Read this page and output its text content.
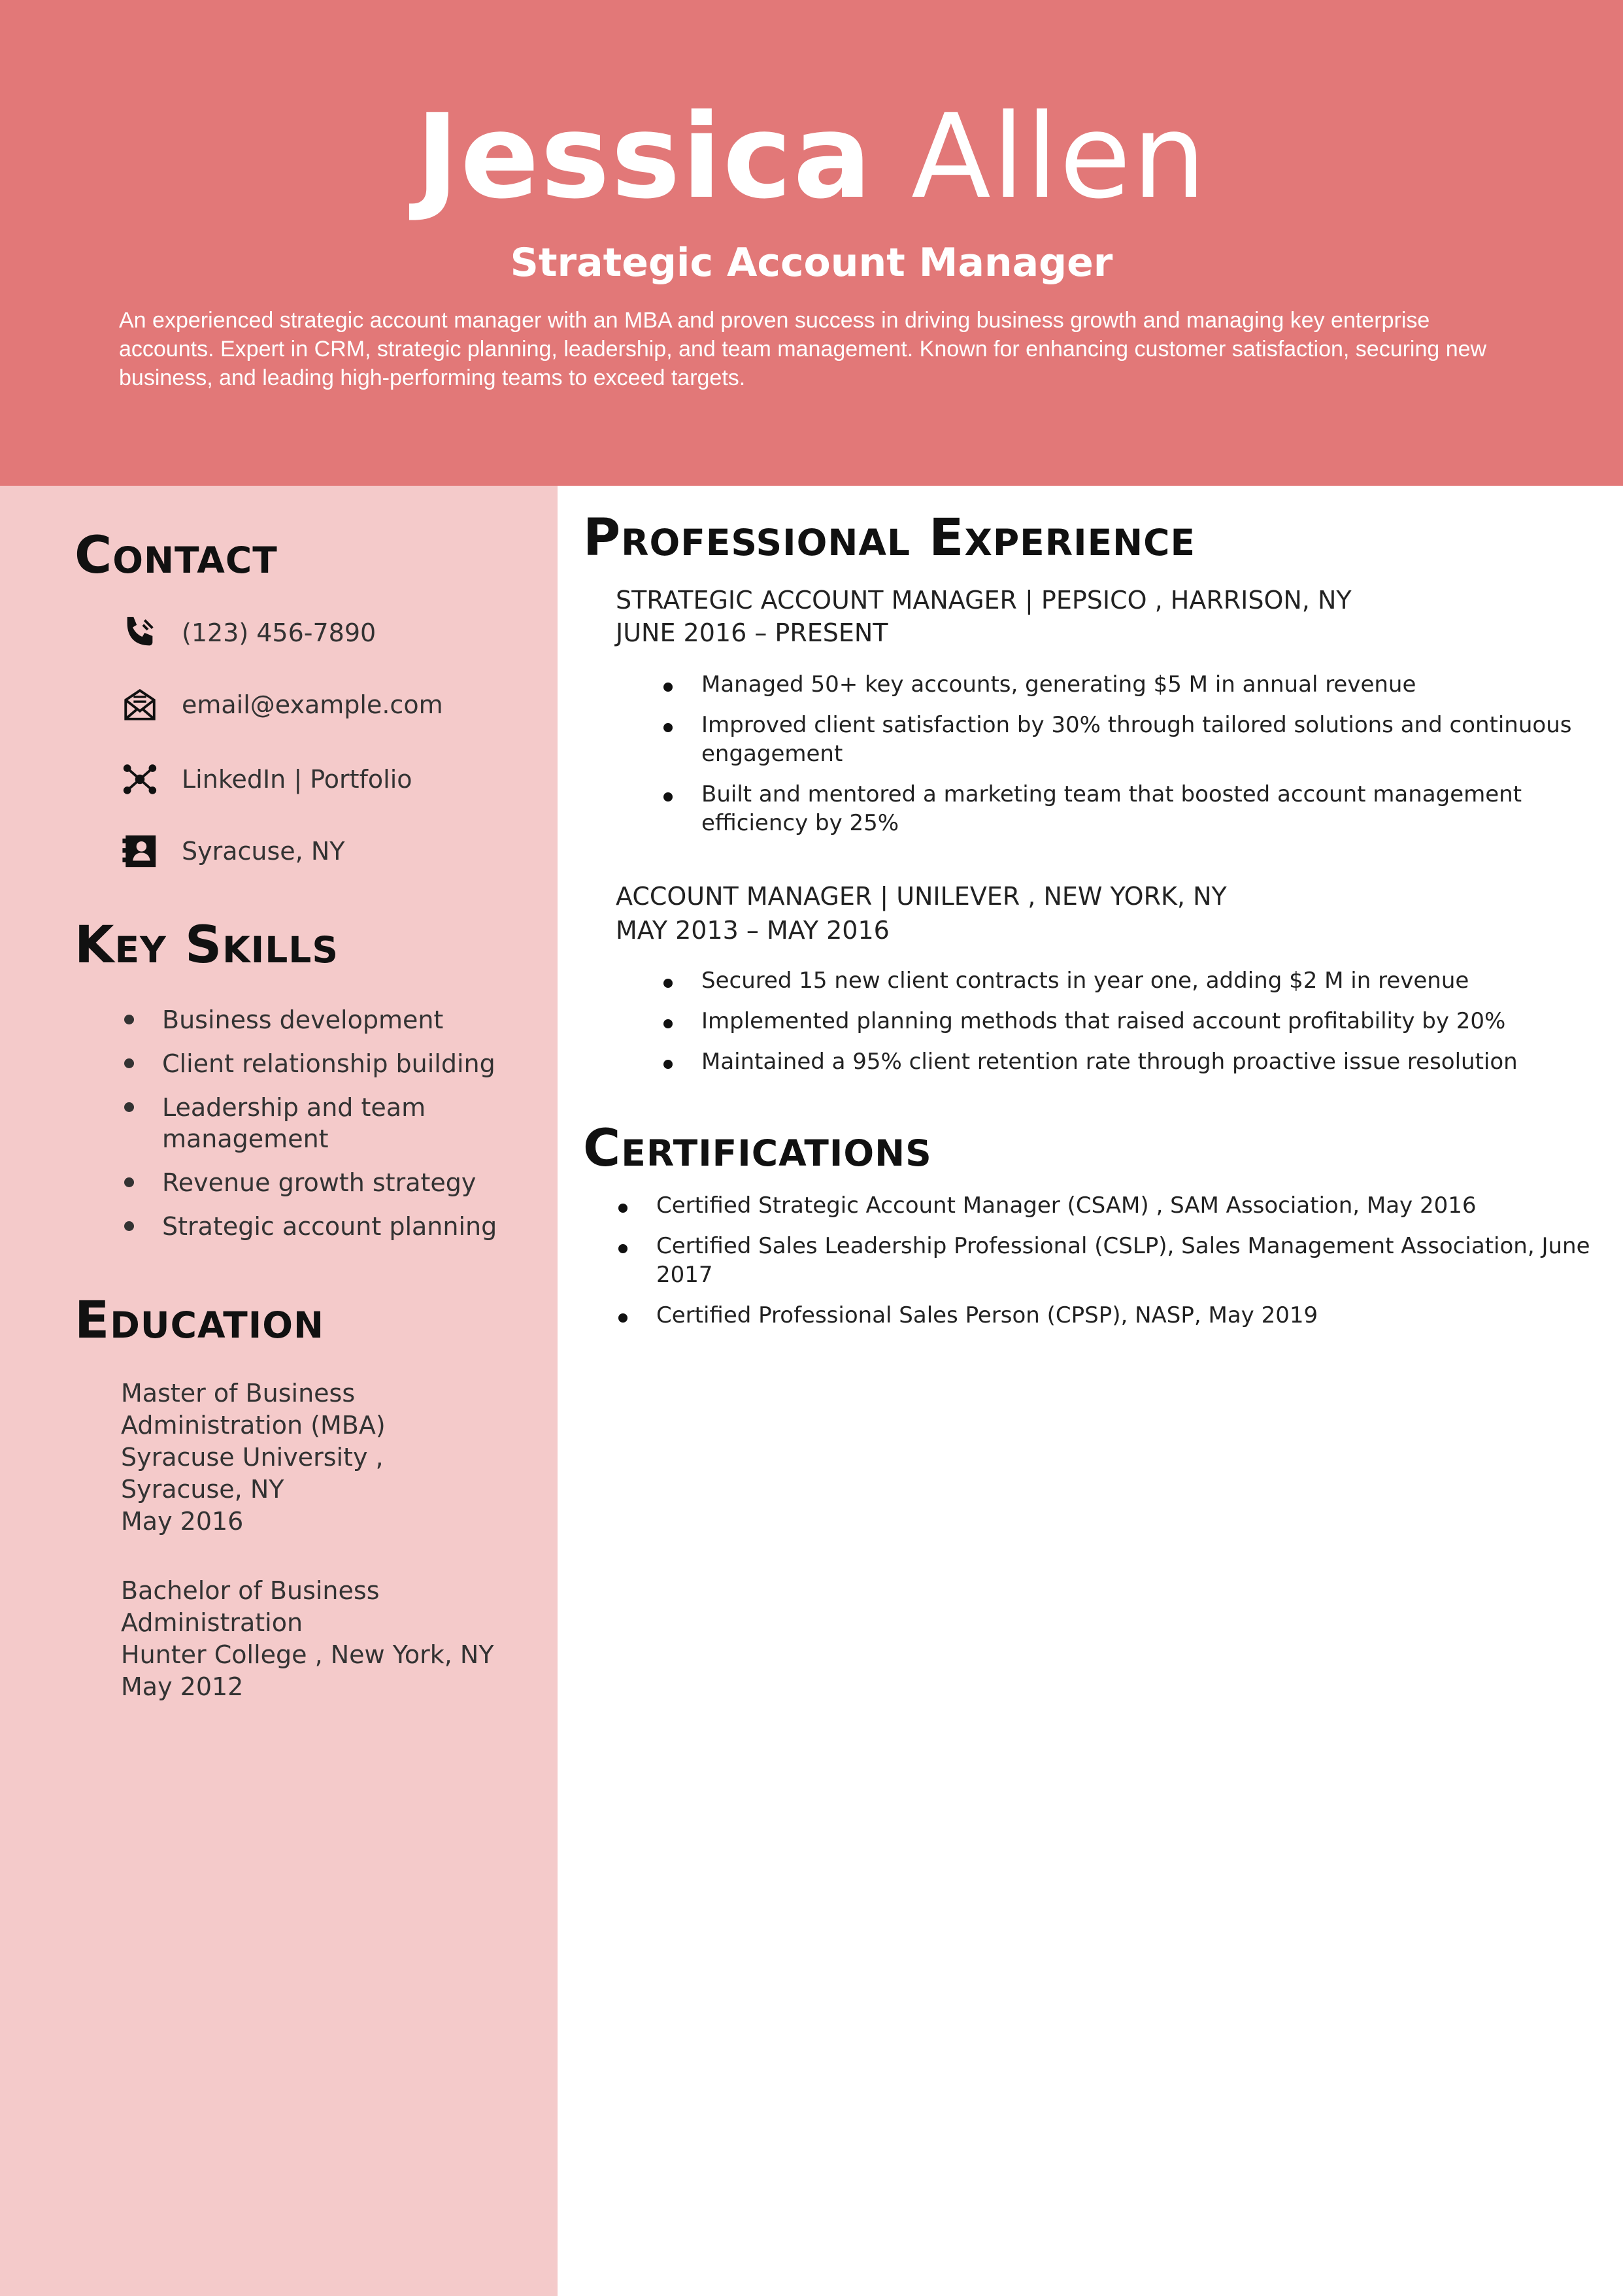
Jessica Allen
Strategic Account Manager
An experienced strategic account manager with an MBA and proven success in driving business growth and managing key enterprise accounts. Expert in CRM, strategic planning, leadership, and team management. Known for enhancing customer satisfaction, securing new business, and leading high-performing teams to exceed targets.
Contact
(123) 456-7890
email@example.com
LinkedIn | Portfolio
Syracuse, NY
Key Skills
Business development
Client relationship building
Leadership and team management
Revenue growth strategy
Strategic account planning
Education
Master of Business Administration (MBA)
Syracuse University , Syracuse, NY
May 2016
Bachelor of Business Administration
Hunter College , New York, NY
May 2012
Professional Experience
STRATEGIC ACCOUNT MANAGER | PEPSICO , HARRISON, NY
JUNE 2016 – PRESENT
Managed 50+ key accounts, generating $5 M in annual revenue
Improved client satisfaction by 30% through tailored solutions and continuous engagement
Built and mentored a marketing team that boosted account management efficiency by 25%
ACCOUNT MANAGER | UNILEVER , NEW YORK, NY
MAY 2013 – MAY 2016
Secured 15 new client contracts in year one, adding $2 M in revenue
Implemented planning methods that raised account profitability by 20%
Maintained a 95% client retention rate through proactive issue resolution
Certifications
Certified Strategic Account Manager (CSAM) , SAM Association, May 2016
Certified Sales Leadership Professional (CSLP), Sales Management Association, June 2017
Certified Professional Sales Person (CPSP), NASP, May 2019
